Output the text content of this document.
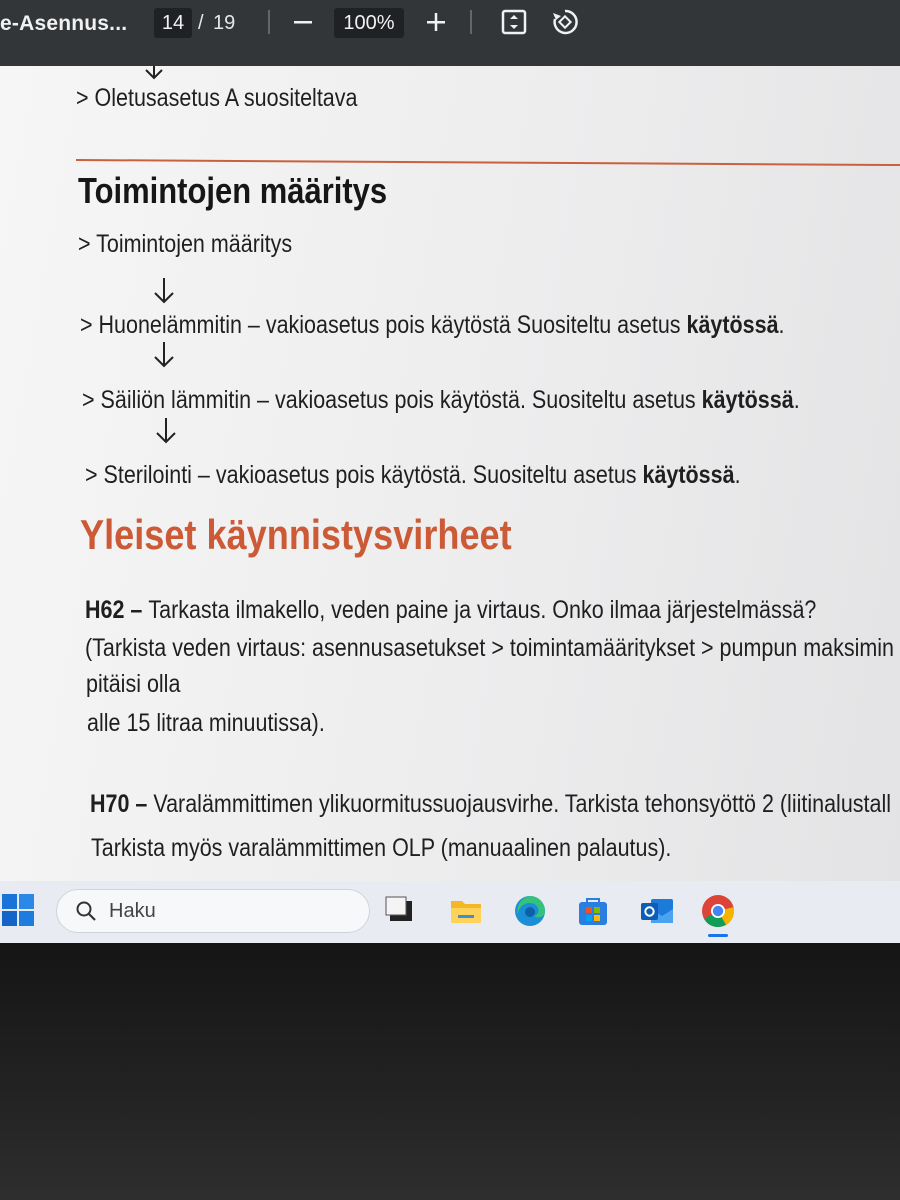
e-Asennus...	14 / 19	100%
> Oletusasetus A suositeltava
Toimintojen määritys
> Toimintojen määritys
> Huonelämmitin – vakioasetus pois käytöstä Suositeltu asetus käytössä.
> Säiliön lämmitin – vakioasetus pois käytöstä. Suositeltu asetus käytössä.
> Sterilointi – vakioasetus pois käytöstä. Suositeltu asetus käytössä.
Yleiset käynnistysvirheet
H62 – Tarkasta ilmakello, veden paine ja virtaus. Onko ilmaa järjestelmässä?
(Tarkista veden virtaus: asennusasetukset > toimintamääritykset > pumpun maksimin
pitäisi olla
alle 15 litraa minuutissa).
H70 – Varalämmittimen ylikuormitussuojausvirhe. Tarkista tehonsyöttö 2 (liitinalustall
Tarkista myös varalämmittimen OLP (manuaalinen palautus).
Haku
